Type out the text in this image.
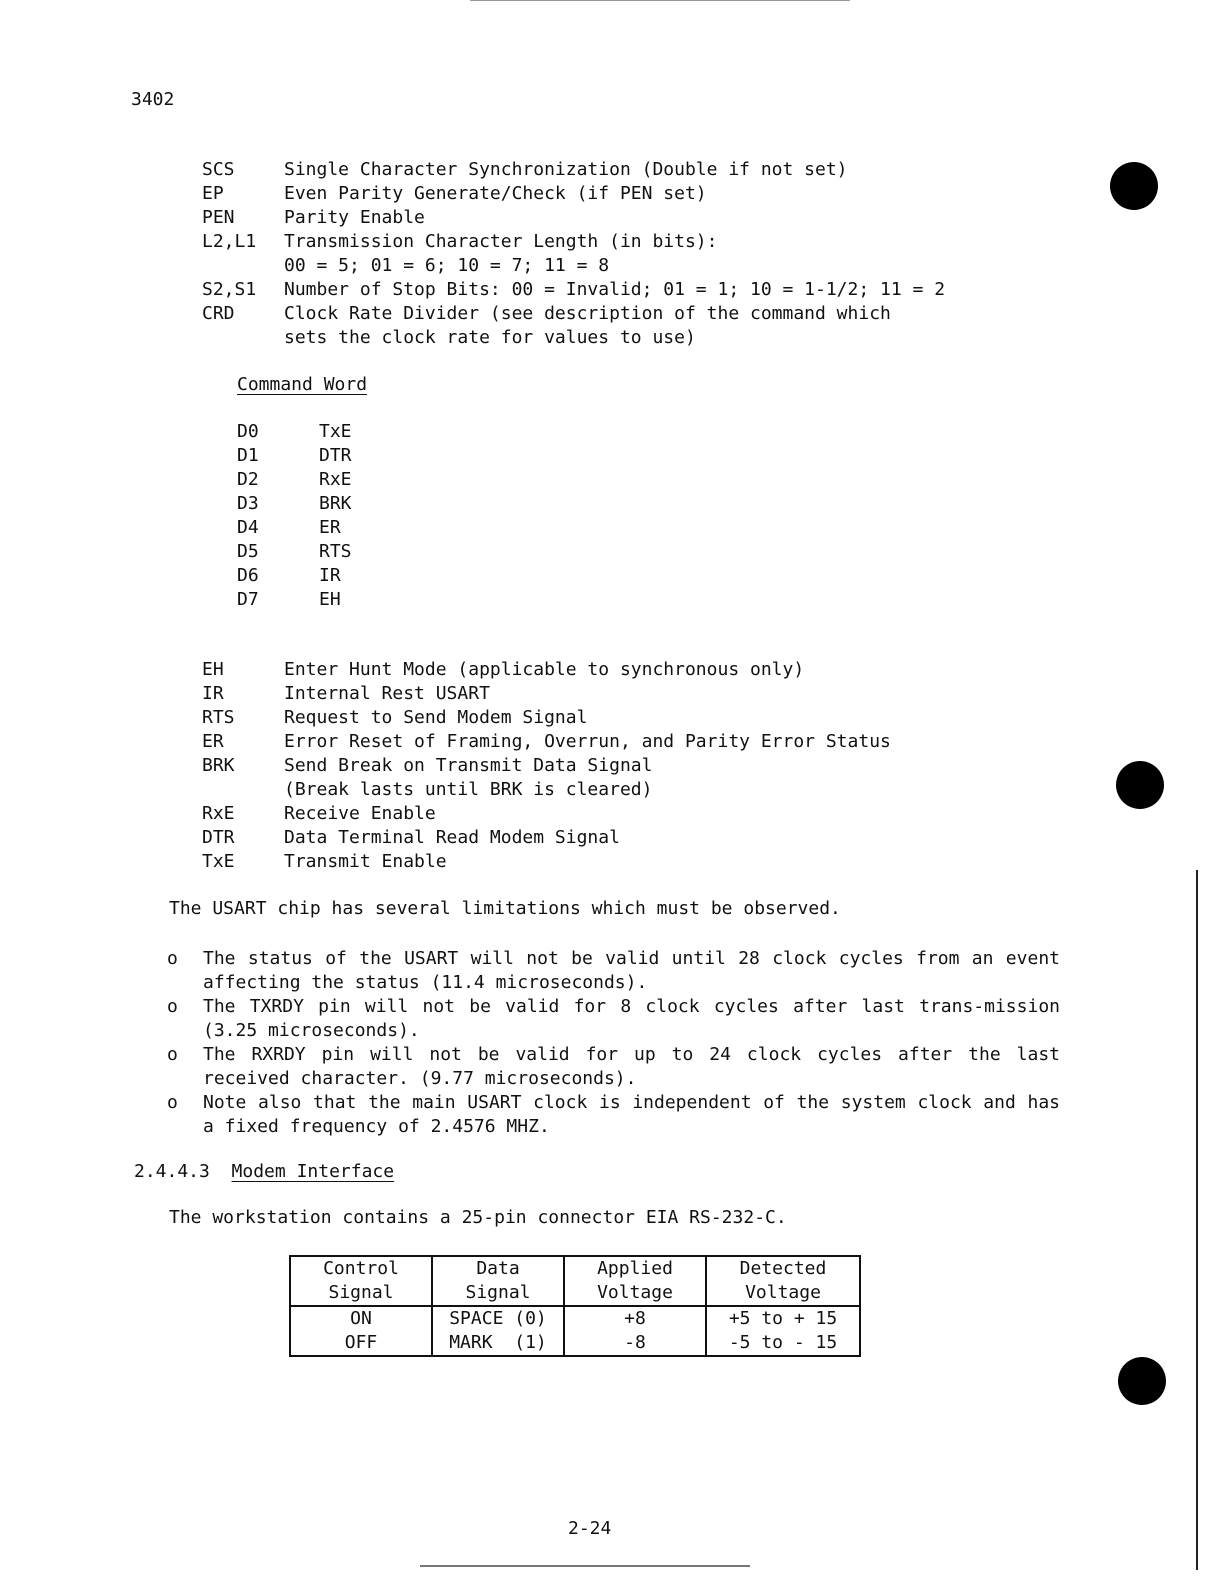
3402
SCS	Single Character Synchronization (Double if not set)
EP	Even Parity Generate/Check (if PEN set)
PEN	Parity Enable
L2,L1	Transmission Character Length (in bits):
00 = 5; 01 = 6; 10 = 7; 11 = 8
S2,S1	Number of Stop Bits: 00 = Invalid; 01 = 1; 10 = 1-1/2; 11 = 2
CRD	Clock Rate Divider (see description of the command which
sets the clock rate for values to use)
Command Word
D0	TxE
D1	DTR
D2	RxE
D3	BRK
D4	ER
D5	RTS
D6	IR
D7	EH
EH	Enter Hunt Mode (applicable to synchronous only)
IR	Internal Rest USART
RTS	Request to Send Modem Signal
ER	Error Reset of Framing, Overrun, and Parity Error Status
BRK	Send Break on Transmit Data Signal
(Break lasts until BRK is cleared)
RxE	Receive Enable
DTR	Data Terminal Read Modem Signal
TxE	Transmit Enable
The USART chip has several limitations which must be observed.
o	The status of the USART will not be valid until 28 clock cycles from an event affecting the status (11.4 microseconds).
o	The TXRDY pin will not be valid for 8 clock cycles after last trans-mission (3.25 microseconds).
o	The RXRDY pin will not be valid for up to 24 clock cycles after the last received character. (9.77 microseconds).
o	Note also that the main USART clock is independent of the system clock and has a fixed frequency of 2.4576 MHZ.
2.4.4.3 Modem Interface
The workstation contains a 25-pin connector EIA RS-232-C.
Control	Data	Applied	Detected
Signal	Signal	Voltage	Voltage
ON	SPACE (0)	+8	+5 to + 15
OFF	MARK  (1)	-8	-5 to - 15
2-24
